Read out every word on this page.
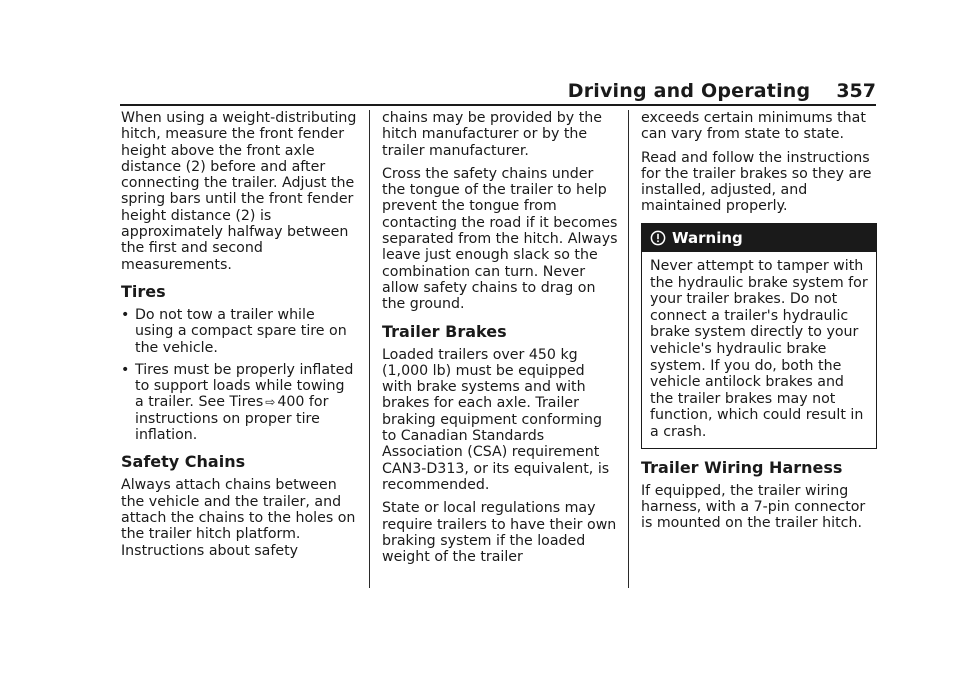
Driving and Operating 357

When using a weight-distributing hitch, measure the front fender height above the front axle distance (2) before and after connecting the trailer. Adjust the spring bars until the front fender height distance (2) is approximately halfway between the first and second measurements.

Tires
• Do not tow a trailer while using a compact spare tire on the vehicle.
• Tires must be properly inflated to support loads while towing a trailer. See Tires ⇨ 400 for instructions on proper tire inflation.
Safety Chains

Always attach chains between the vehicle and the trailer, and attach the chains to the holes on the trailer hitch platform. Instructions about safety

chains may be provided by the hitch manufacturer or by the trailer manufacturer.

Cross the safety chains under the tongue of the trailer to help prevent the tongue from contacting the road if it becomes separated from the hitch. Always leave just enough slack so the combination can turn. Never allow safety chains to drag on the ground.

Trailer Brakes

Loaded trailers over 450 kg (1,000 lb) must be equipped with brake systems and with brakes for each axle. Trailer braking equipment conforming to Canadian Standards Association (CSA) requirement CAN3-D313, or its equivalent, is recommended.

State or local regulations may require trailers to have their own braking system if the loaded weight of the trailer

exceeds certain minimums that can vary from state to state.

Read and follow the instructions for the trailer brakes so they are installed, adjusted, and maintained properly.

Warning
Never attempt to tamper with the hydraulic brake system for your trailer brakes. Do not connect a trailer's hydraulic brake system directly to your vehicle's hydraulic brake system. If you do, both the vehicle antilock brakes and the trailer brakes may not function, which could result in a crash.
Trailer Wiring Harness

If equipped, the trailer wiring harness, with a 7-pin connector is mounted on the trailer hitch.
